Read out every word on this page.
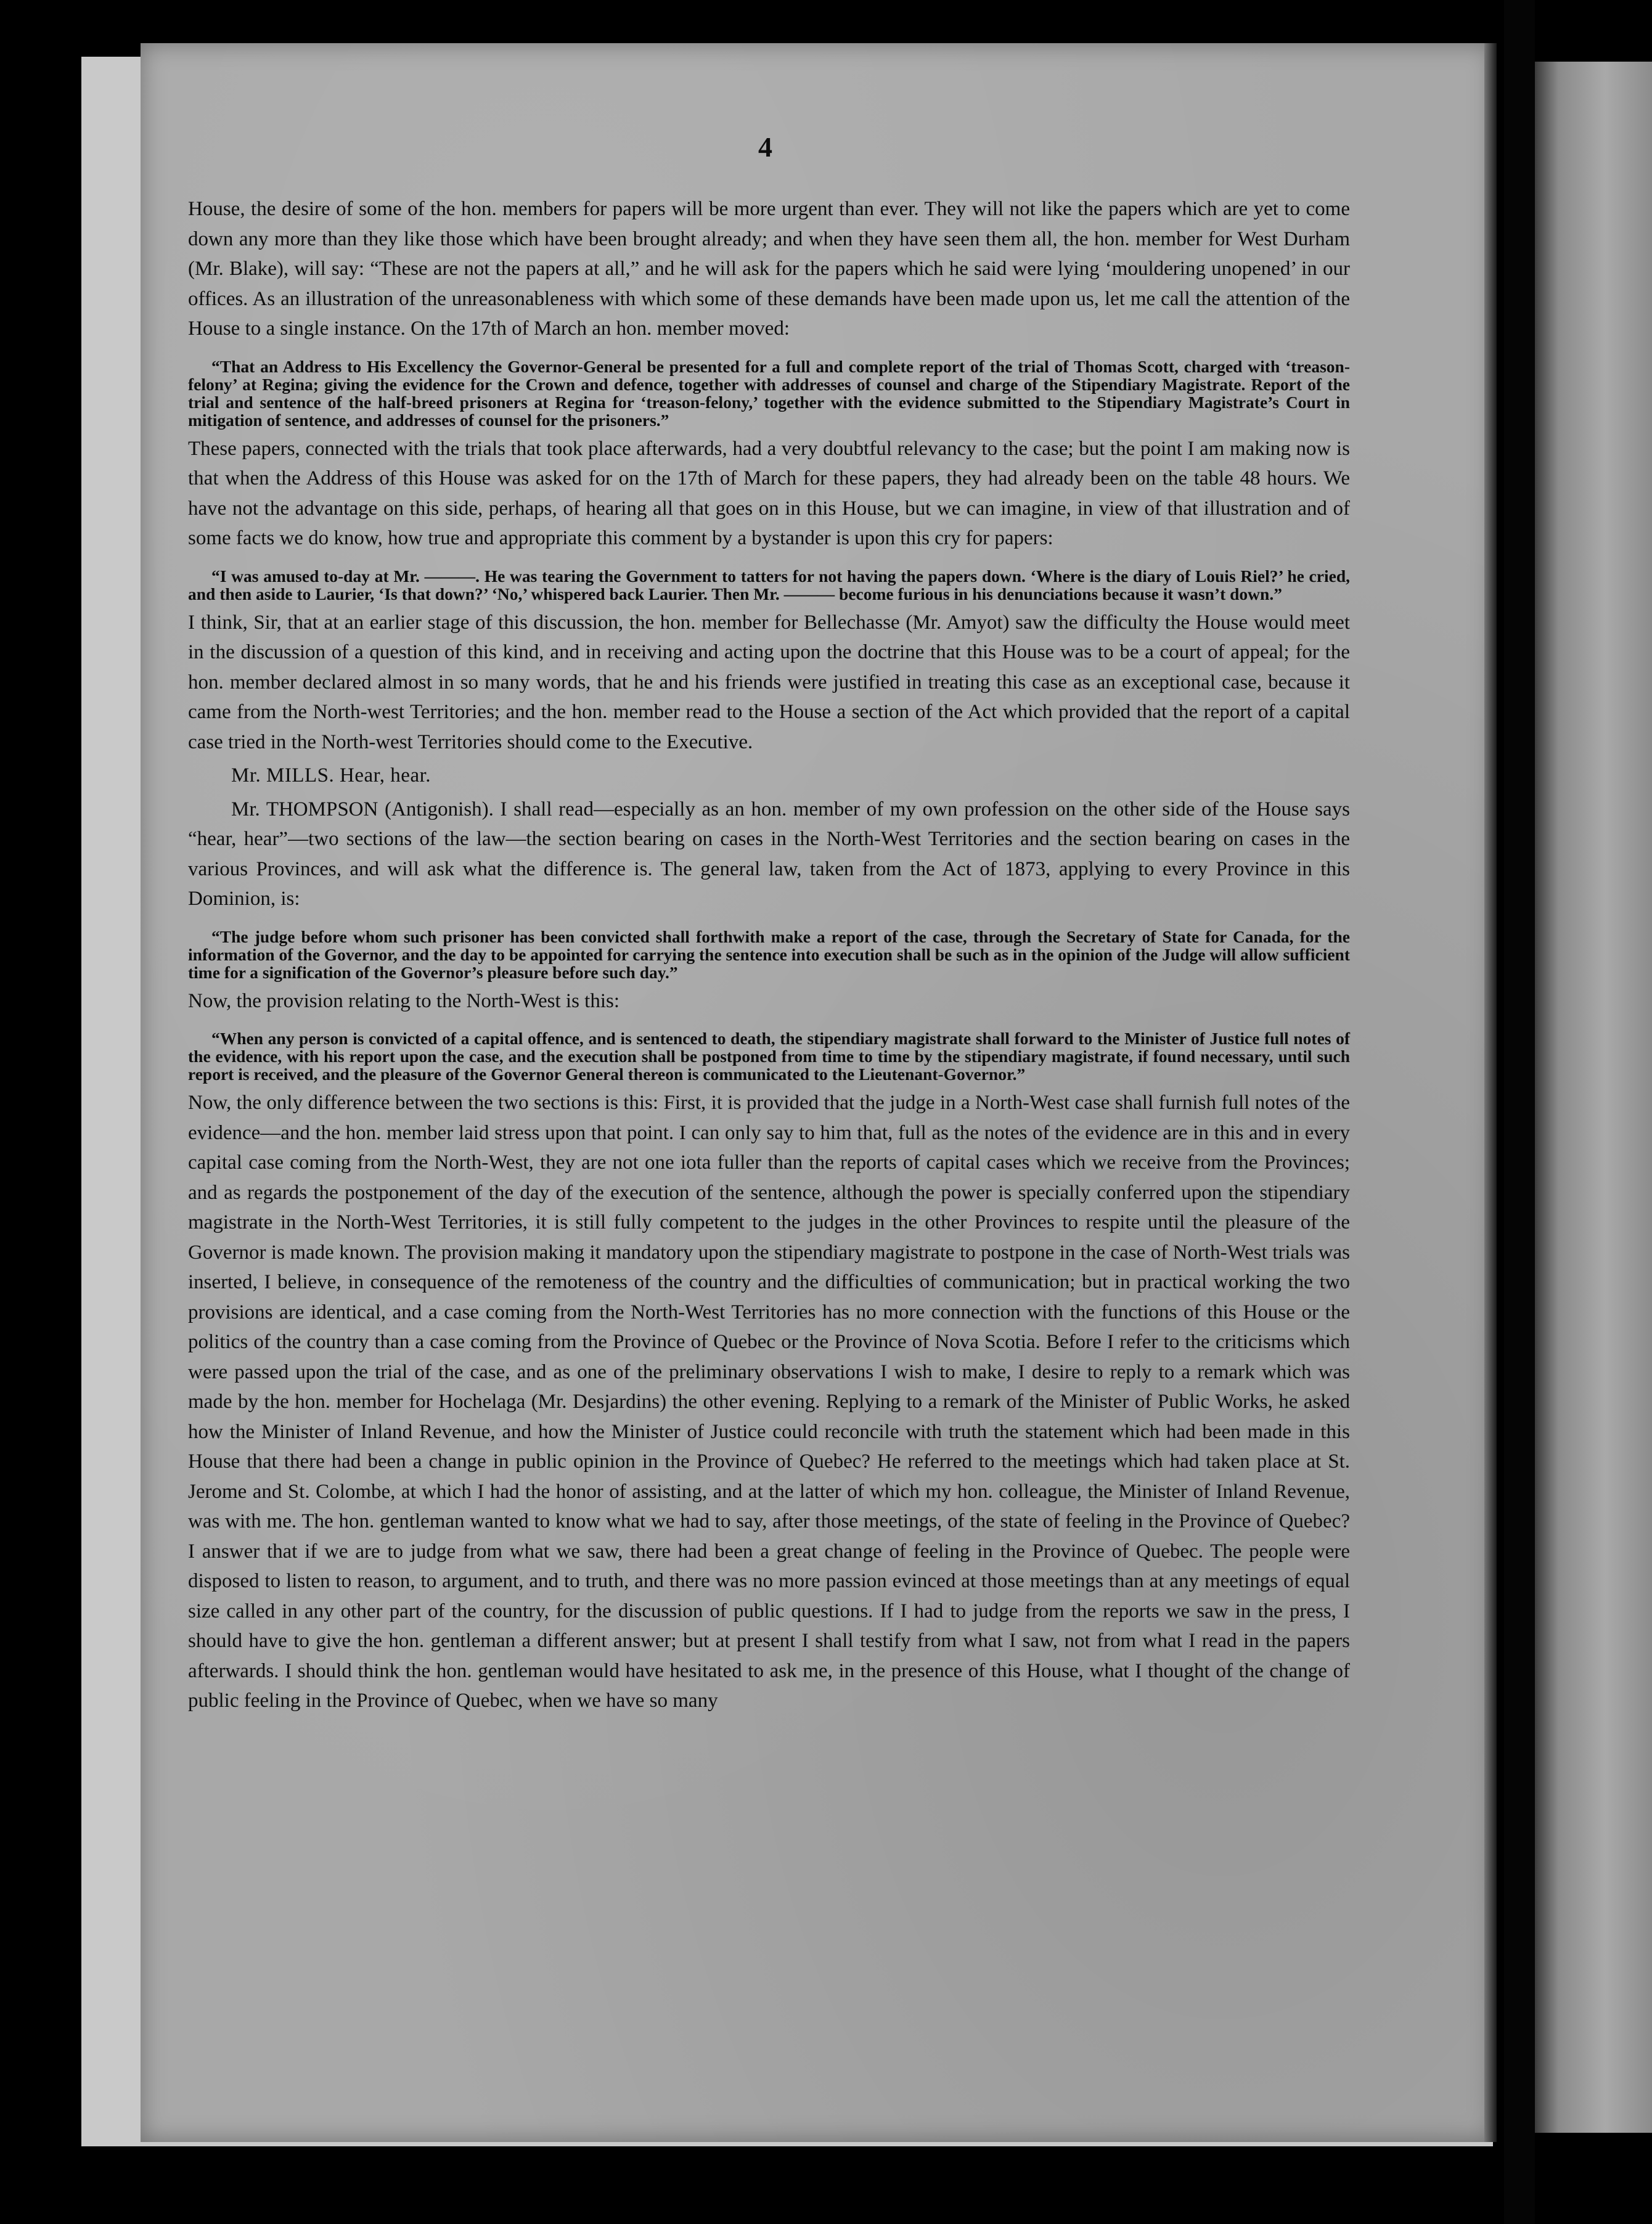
4

House, the desire of some of the hon. members for papers will be more urgent than ever. They will not like the papers which are yet to come down any more than they like those which have been brought already; and when they have seen them all, the hon. member for West Durham (Mr. Blake), will say: “These are not the papers at all,” and he will ask for the papers which he said were lying ‘mouldering unopened’ in our offices. As an illustration of the unreasonableness with which some of these demands have been made upon us, let me call the attention of the House to a single instance. On the 17th of March an hon. member moved:

“That an Address to His Excellency the Governor-General be presented for a full and complete report of the trial of Thomas Scott, charged with ‘treason-felony’ at Regina; giving the evidence for the Crown and defence, together with addresses of counsel and charge of the Stipendiary Magistrate. Report of the trial and sentence of the half-breed prisoners at Regina for ‘treason-felony,’ together with the evidence submitted to the Stipendiary Magistrate’s Court in mitigation of sentence, and addresses of counsel for the prisoners.”

These papers, connected with the trials that took place afterwards, had a very doubtful relevancy to the case; but the point I am making now is that when the Address of this House was asked for on the 17th of March for these papers, they had already been on the table 48 hours. We have not the advantage on this side, perhaps, of hearing all that goes on in this House, but we can imagine, in view of that illustration and of some facts we do know, how true and appropriate this comment by a bystander is upon this cry for papers:

“I was amused to-day at Mr. ———. He was tearing the Government to tatters for not having the papers down. ‘Where is the diary of Louis Riel?’ he cried, and then aside to Laurier, ‘Is that down?’ ‘No,’ whispered back Laurier. Then Mr. ——— become furious in his denunciations because it wasn’t down.”

I think, Sir, that at an earlier stage of this discussion, the hon. member for Bellechasse (Mr. Amyot) saw the difficulty the House would meet in the discussion of a question of this kind, and in receiving and acting upon the doctrine that this House was to be a court of appeal; for the hon. member declared almost in so many words, that he and his friends were justified in treating this case as an exceptional case, because it came from the North-west Territories; and the hon. member read to the House a section of the Act which provided that the report of a capital case tried in the North-west Territories should come to the Executive.

Mr. MILLS. Hear, hear.

Mr. THOMPSON (Antigonish). I shall read—especially as an hon. member of my own profession on the other side of the House says “hear, hear”—two sections of the law—the section bearing on cases in the North-West Territories and the section bearing on cases in the various Provinces, and will ask what the difference is. The general law, taken from the Act of 1873, applying to every Province in this Dominion, is:

“The judge before whom such prisoner has been convicted shall forthwith make a report of the case, through the Secretary of State for Canada, for the information of the Governor, and the day to be appointed for carrying the sentence into execution shall be such as in the opinion of the Judge will allow sufficient time for a signification of the Governor’s pleasure before such day.”

Now, the provision relating to the North-West is this:

“When any person is convicted of a capital offence, and is sentenced to death, the stipendiary magistrate shall forward to the Minister of Justice full notes of the evidence, with his report upon the case, and the execution shall be postponed from time to time by the stipendiary magistrate, if found necessary, until such report is received, and the pleasure of the Governor General thereon is communicated to the Lieutenant-Governor.”

Now, the only difference between the two sections is this: First, it is provided that the judge in a North-West case shall furnish full notes of the evidence—and the hon. member laid stress upon that point. I can only say to him that, full as the notes of the evidence are in this and in every capital case coming from the North-West, they are not one iota fuller than the reports of capital cases which we receive from the Provinces; and as regards the postponement of the day of the execution of the sentence, although the power is specially conferred upon the stipendiary magistrate in the North-West Territories, it is still fully competent to the judges in the other Provinces to respite until the pleasure of the Governor is made known. The provision making it mandatory upon the stipendiary magistrate to postpone in the case of North-West trials was inserted, I believe, in consequence of the remoteness of the country and the difficulties of communication; but in practical working the two provisions are identical, and a case coming from the North-West Territories has no more connection with the functions of this House or the politics of the country than a case coming from the Province of Quebec or the Province of Nova Scotia. Before I refer to the criticisms which were passed upon the trial of the case, and as one of the preliminary observations I wish to make, I desire to reply to a remark which was made by the hon. member for Hochelaga (Mr. Desjardins) the other evening. Replying to a remark of the Minister of Public Works, he asked how the Minister of Inland Revenue, and how the Minister of Justice could reconcile with truth the statement which had been made in this House that there had been a change in public opinion in the Province of Quebec? He referred to the meetings which had taken place at St. Jerome and St. Colombe, at which I had the honor of assisting, and at the latter of which my hon. colleague, the Minister of Inland Revenue, was with me. The hon. gentleman wanted to know what we had to say, after those meetings, of the state of feeling in the Province of Quebec? I answer that if we are to judge from what we saw, there had been a great change of feeling in the Province of Quebec. The people were disposed to listen to reason, to argument, and to truth, and there was no more passion evinced at those meetings than at any meetings of equal size called in any other part of the country, for the discussion of public questions. If I had to judge from the reports we saw in the press, I should have to give the hon. gentleman a different answer; but at present I shall testify from what I saw, not from what I read in the papers afterwards. I should think the hon. gentleman would have hesitated to ask me, in the presence of this House, what I thought of the change of public feeling in the Province of Quebec, when we have so many
